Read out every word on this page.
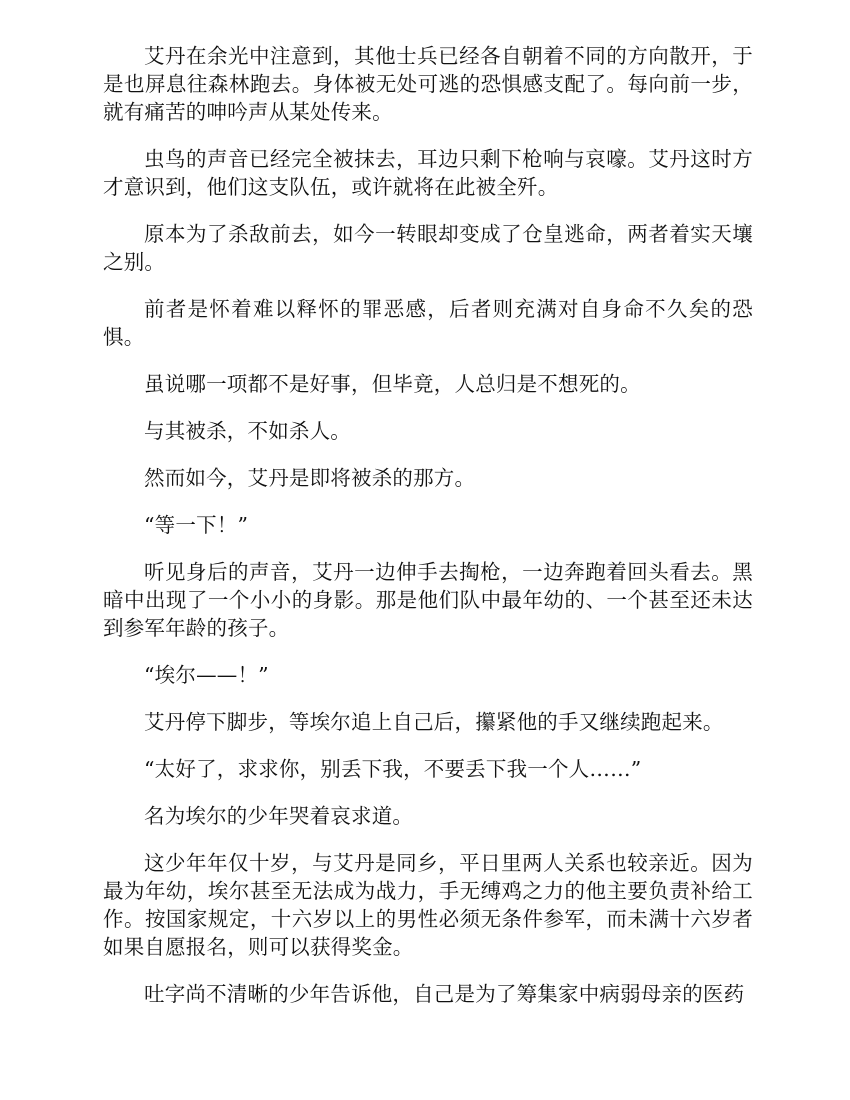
艾丹在余光中注意到，其他士兵已经各自朝着不同的方向散开，于是也屏息往森林跑去。身体被无处可逃的恐惧感支配了。每向前一步，就有痛苦的呻吟声从某处传来。

虫鸟的声音已经完全被抹去，耳边只剩下枪响与哀嚎。艾丹这时方才意识到，他们这支队伍，或许就将在此被全歼。

原本为了杀敌前去，如今一转眼却变成了仓皇逃命，两者着实天壤之别。

前者是怀着难以释怀的罪恶感，后者则充满对自身命不久矣的恐惧。

虽说哪一项都不是好事，但毕竟，人总归是不想死的。

与其被杀，不如杀人。

然而如今，艾丹是即将被杀的那方。

“等一下！”

听见身后的声音，艾丹一边伸手去掏枪，一边奔跑着回头看去。黑暗中出现了一个小小的身影。那是他们队中最年幼的、一个甚至还未达到参军年龄的孩子。

“埃尔——！”

艾丹停下脚步，等埃尔追上自己后，攥紧他的手又继续跑起来。

“太好了，求求你，别丢下我，不要丢下我一个人……”

名为埃尔的少年哭着哀求道。

这少年年仅十岁，与艾丹是同乡，平日里两人关系也较亲近。因为最为年幼，埃尔甚至无法成为战力，手无缚鸡之力的他主要负责补给工作。按国家规定，十六岁以上的男性必须无条件参军，而未满十六岁者如果自愿报名，则可以获得奖金。

吐字尚不清晰的少年告诉他，自己是为了筹集家中病弱母亲的医药
